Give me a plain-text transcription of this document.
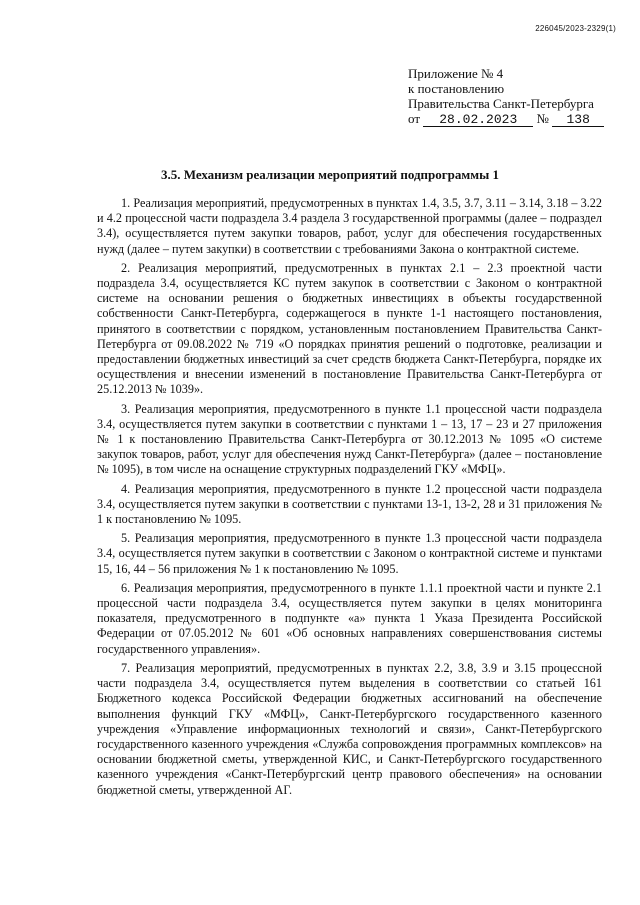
226045/2023-2329(1)
Приложение № 4
к постановлению
Правительства Санкт-Петербурга
от 28.02.2023 № 138
3.5. Механизм реализации мероприятий подпрограммы 1

1. Реализация мероприятий, предусмотренных в пунктах 1.4, 3.5, 3.7, 3.11 – 3.14, 3.18 – 3.22 и 4.2 процессной части подраздела 3.4 раздела 3 государственной программы (далее – подраздел 3.4), осуществляется путем закупки товаров, работ, услуг для обеспечения государственных нужд (далее – путем закупки) в соответствии с требованиями Закона о контрактной системе.

2. Реализация мероприятий, предусмотренных в пунктах 2.1 – 2.3 проектной части подраздела 3.4, осуществляется КС путем закупок в соответствии с Законом о контрактной системе на основании решения о бюджетных инвестициях в объекты государственной собственности Санкт-Петербурга, содержащегося в пункте 1-1 настоящего постановления, принятого в соответствии с порядком, установленным постановлением Правительства Санкт-Петербурга от 09.08.2022 № 719 «О порядках принятия решений о подготовке, реализации и предоставлении бюджетных инвестиций за счет средств бюджета Санкт-Петербурга, порядке их осуществления и внесении изменений в постановление Правительства Санкт-Петербурга от 25.12.2013 № 1039».

3. Реализация мероприятия, предусмотренного в пункте 1.1 процессной части подраздела 3.4, осуществляется путем закупки в соответствии с пунктами 1 – 13, 17 – 23 и 27 приложения № 1 к постановлению Правительства Санкт-Петербурга от 30.12.2013 № 1095 «О системе закупок товаров, работ, услуг для обеспечения нужд Санкт-Петербурга» (далее – постановление № 1095), в том числе на оснащение структурных подразделений ГКУ «МФЦ».

4. Реализация мероприятия, предусмотренного в пункте 1.2 процессной части подраздела 3.4, осуществляется путем закупки в соответствии с пунктами 13-1, 13-2, 28 и 31 приложения № 1 к постановлению № 1095.

5. Реализация мероприятия, предусмотренного в пункте 1.3 процессной части подраздела 3.4, осуществляется путем закупки в соответствии с Законом о контрактной системе и пунктами 15, 16, 44 – 56 приложения № 1 к постановлению № 1095.

6. Реализация мероприятия, предусмотренного в пункте 1.1.1 проектной части и пункте 2.1 процессной части подраздела 3.4, осуществляется путем закупки в целях мониторинга показателя, предусмотренного в подпункте «а» пункта 1 Указа Президента Российской Федерации от 07.05.2012 № 601 «Об основных направлениях совершенствования системы государственного управления».

7. Реализация мероприятий, предусмотренных в пунктах 2.2, 3.8, 3.9 и 3.15 процессной части подраздела 3.4, осуществляется путем выделения в соответствии со статьей 161 Бюджетного кодекса Российской Федерации бюджетных ассигнований на обеспечение выполнения функций ГКУ «МФЦ», Санкт-Петербургского государственного казенного учреждения «Управление информационных технологий и связи», Санкт-Петербургского государственного казенного учреждения «Служба сопровождения программных комплексов» на основании бюджетной сметы, утвержденной КИС, и Санкт-Петербургского государственного казенного учреждения «Санкт-Петербургский центр правового обеспечения» на основании бюджетной сметы, утвержденной АГ.
